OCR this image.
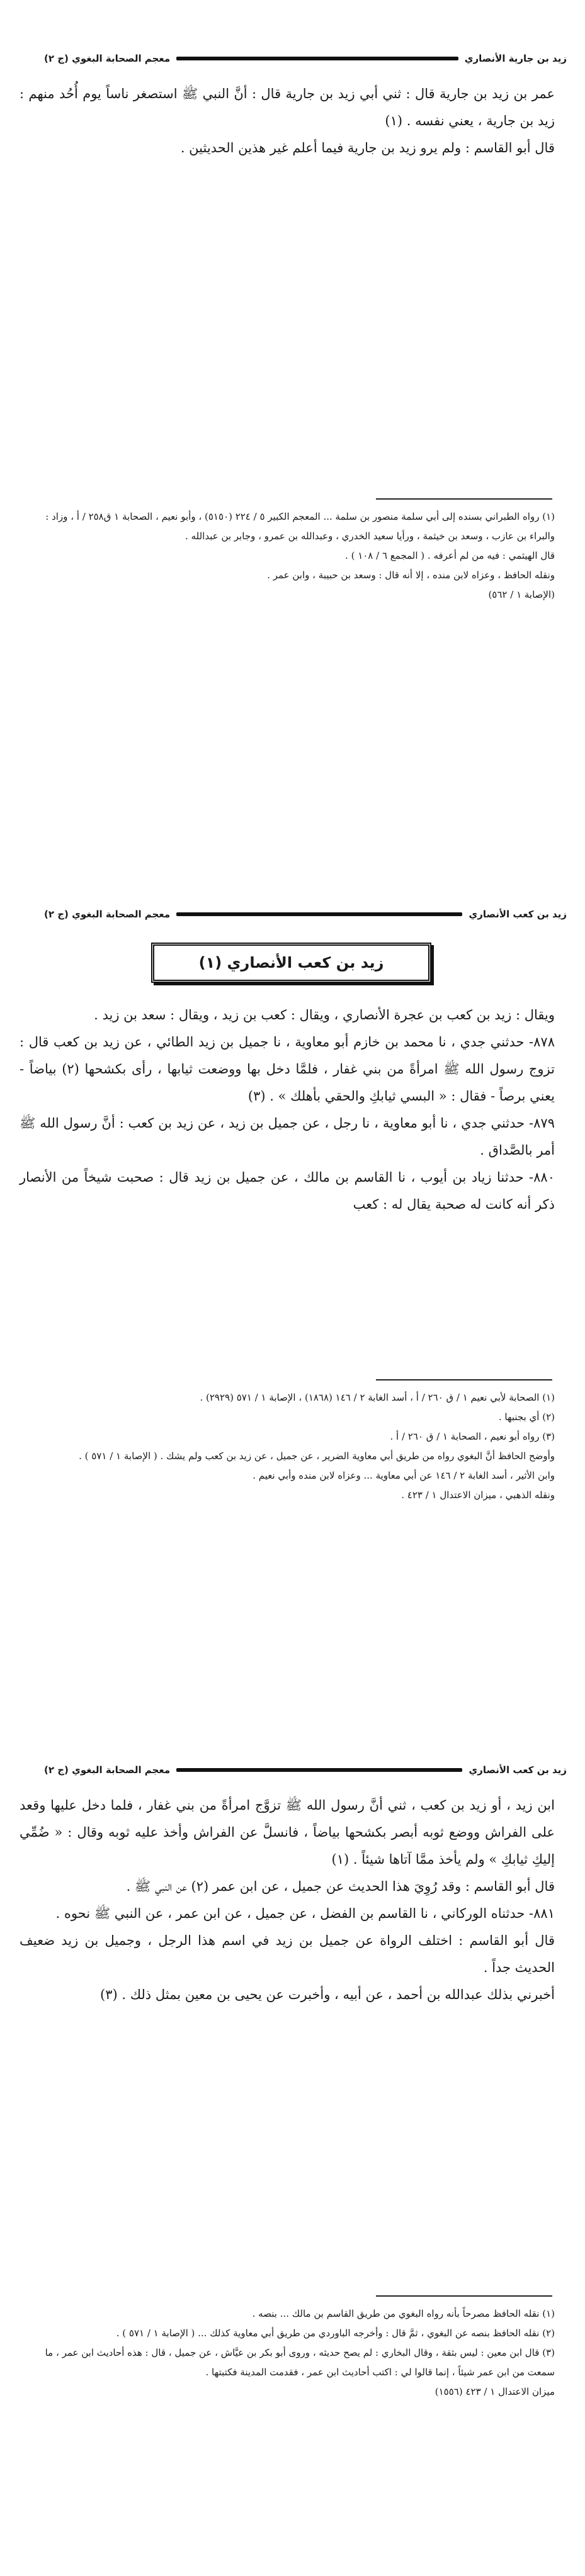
زيد بن جارية الأنصاري
معجم الصحابة البغوي (ج ٢)

عمر بن زيد بن جارية قال : ثني أبي زيد بن جارية قال : أنَّ النبي ﷺ استصغر ناساً يوم أُحُد منهم : زيد بن جارية ، يعني نفسه . (١)

قال أبو القاسم : ولم يرو زيد بن جارية فيما أعلم غير هذين الحديثين .

(١) رواه الطبراني بسنده إلى أبي سلمة منصور بن سلمة ... المعجم الكبير ٥ / ٢٢٤ (٥١٥٠) ، وأبو نعيم ، الصحابة ١ ق٢٥٨ / أ ، وزاد : والبراء بن عازب ، وسعد بن خيثمة ، ورأيا سعيد الخدري ، وعبدالله بن عمرو ، وجابر بن عبدالله .

قال الهيثمي : فيه من لم أعرفه . ( المجمع ٦ / ١٠٨ ) .

ونقله الحافظ ، وعزاه لابن منده ، إلا أنه قال : وسعد بن حبيبة ، وابن عمر .

(الإصابة ١ / ٥٦٢)

زيد بن كعب الأنصاري
معجم الصحابة البغوي (ج ٢)
زيد بن كعب الأنصاري (١)

ويقال : زيد بن كعب بن عجرة الأنصاري ، ويقال : كعب بن زيد ، ويقال : سعد بن زيد .

٨٧٨- حدثني جدي ، نا محمد بن خازم أبو معاوية ، نا جميل بن زيد الطائي ، عن زيد بن كعب قال : تزوج رسول الله ﷺ امرأةً من بني غفار ، فلمَّا دخل بها ووضعت ثيابها ، رأى بكشحها (٢) بياضاً - يعني برصاً - فقال : « البسي ثيابكِ والحقي بأهلك » . (٣)

٨٧٩- حدثني جدي ، نا أبو معاوية ، نا رجل ، عن جميل بن زيد ، عن زيد بن كعب : أنَّ رسول الله ﷺ أمر بالصَّداق .

٨٨٠- حدثنا زياد بن أيوب ، نا القاسم بن مالك ، عن جميل بن زيد قال : صحبت شيخاً من الأنصار ذكر أنه كانت له صحبة يقال له : كعب

(١) الصحابة لأبي نعيم ١ / ق ٢٦٠ / أ ، أسد الغابة ٢ / ١٤٦ (١٨٦٨) ، الإصابة ١ / ٥٧١ (٢٩٢٩) .

(٢) أي بجنبها .

(٣) رواه أبو نعيم ، الصحابة ١ / ق ٢٦٠ / أ .

وأوضح الحافظ أنَّ البغوي رواه من طريق أبي معاوية الضرير ، عن جميل ، عن زيد بن كعب ولم يشك . ( الإصابة ١ / ٥٧١ ) .

وابن الأثير ، أسد الغابة ٢ / ١٤٦ عن أبي معاوية ... وعزاه لابن منده وأبي نعيم .

ونقله الذهبي ، ميزان الاعتدال ١ / ٤٢٣ .

زيد بن كعب الأنصاري
معجم الصحابة البغوي (ج ٢)

ابن زيد ، أو زيد بن كعب ، ثني أنَّ رسول الله ﷺ تزوَّج امرأةً من بني غفار ، فلما دخل عليها وقعد على الفراش ووضع ثوبه أبصر بكشحها بياضاً ، فانسلَّ عن الفراش وأخذ عليه ثوبه وقال : « ضُمِّي إليكِ ثيابكِ » ولم يأخذ ممَّا آتاها شيئاً . (١)

قال أبو القاسم : وقد رُوِيَ هذا الحديث عن جميل ، عن ابن عمر (٢) عن النبي ﷺ .

٨٨١- حدثناه الوركاني ، نا القاسم بن الفضل ، عن جميل ، عن ابن عمر ، عن النبي ﷺ نحوه .

قال أبو القاسم : اختلف الرواة عن جميل بن زيد في اسم هذا الرجل ، وجميل بن زيد ضعيف الحديث جداً .

أخبرني بذلك عبدالله بن أحمد ، عن أبيه ، وأخبرت عن يحيى بن معين بمثل ذلك . (٣)

(١) نقله الحافظ مصرحاً بأنه رواه البغوي من طريق القاسم بن مالك ... بنصه .

(٢) نقله الحافظ بنصه عن البغوي ، ثمَّ قال : وأخرجه الباوردي من طريق أبي معاوية كذلك ... ( الإصابة ١ / ٥٧١ ) .

(٣) قال ابن معين : ليس بثقة ، وقال البخاري : لم يصح حديثه ، وروى أبو بكر بن عيَّاش ، عن جميل ، قال : هذه أحاديث ابن عمر ، ما سمعت من ابن عمر شيئاً ، إنما قالوا لي : اكتب أحاديث ابن عمر ، فقدمت المدينة فكتبتها .

ميزان الاعتدال ١ / ٤٢٣ (١٥٥٦)
